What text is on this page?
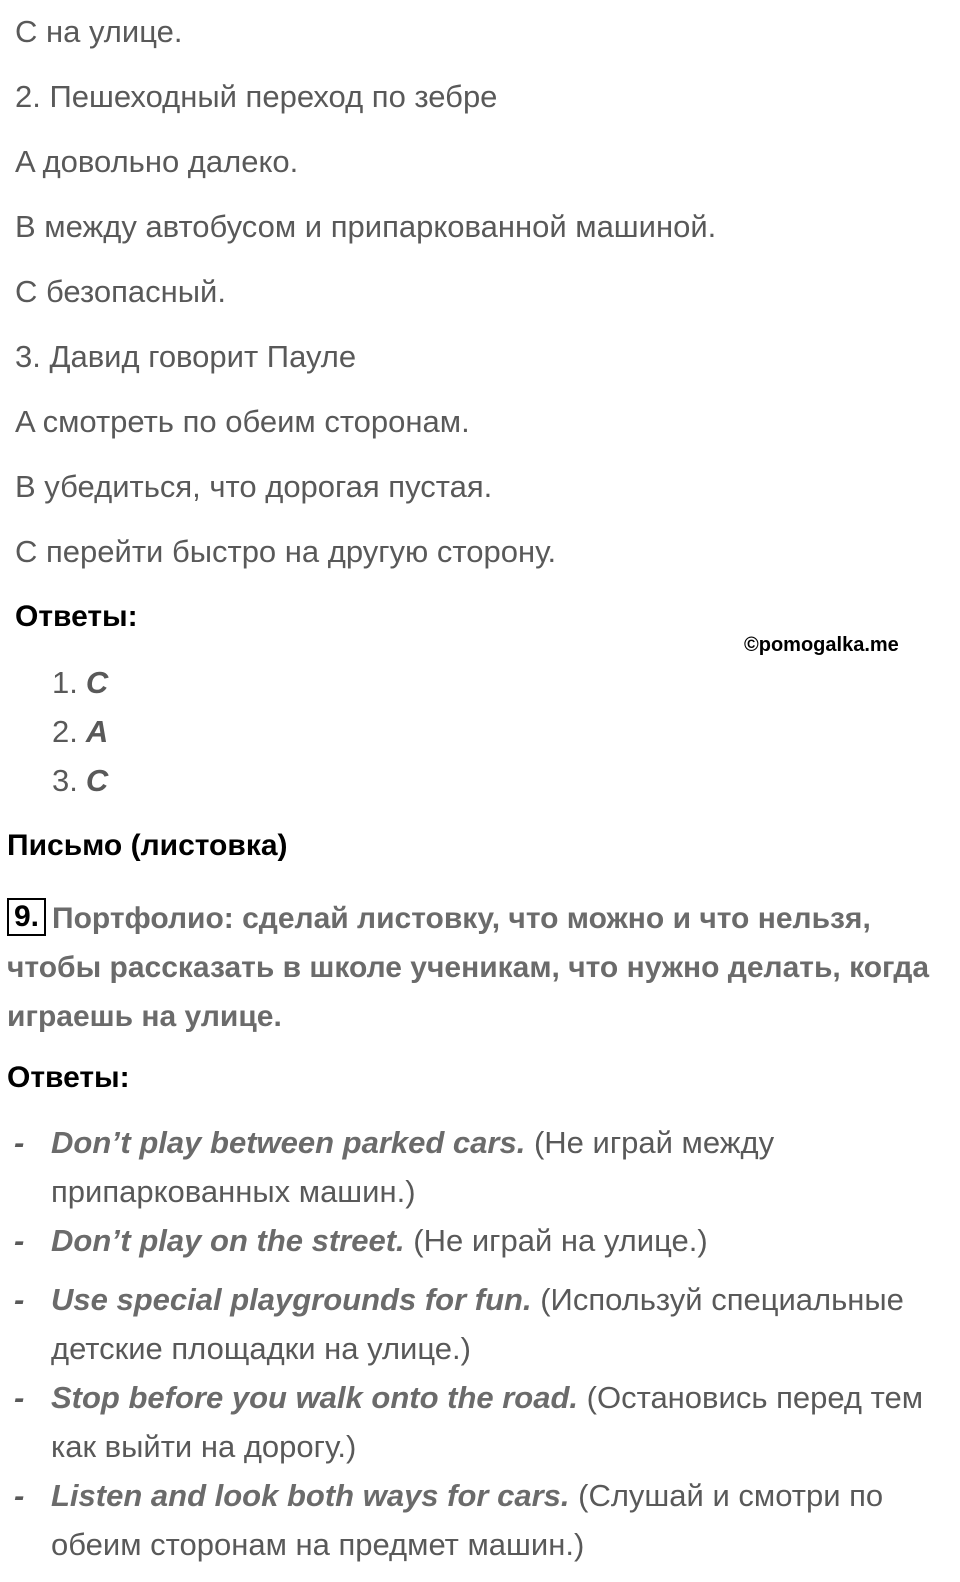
C на улице.
2. Пешеходный переход по зебре
A довольно далеко.
B между автобусом и припаркованной машиной.
C безопасный.
3. Давид говорит Пауле
A смотреть по обеим сторонам.
B убедиться, что дорогая пустая.
C перейти быстро на другую сторону.
Ответы:
©pomogalka.me
1. C
2. A
3. C
Письмо (листовка)
9. Портфолио: сделай листовку, что можно и что нельзя, чтобы рассказать в школе ученикам, что нужно делать, когда играешь на улице.
Ответы:
- Don’t play between parked cars. (Не играй между припаркованных машин.)
- Don’t play on the street. (Не играй на улице.)
- Use special playgrounds for fun. (Используй специальные детские площадки на улице.)
- Stop before you walk onto the road. (Остановись перед тем как выйти на дорогу.)
- Listen and look both ways for cars. (Слушай и смотри по обеим сторонам на предмет машин.)
